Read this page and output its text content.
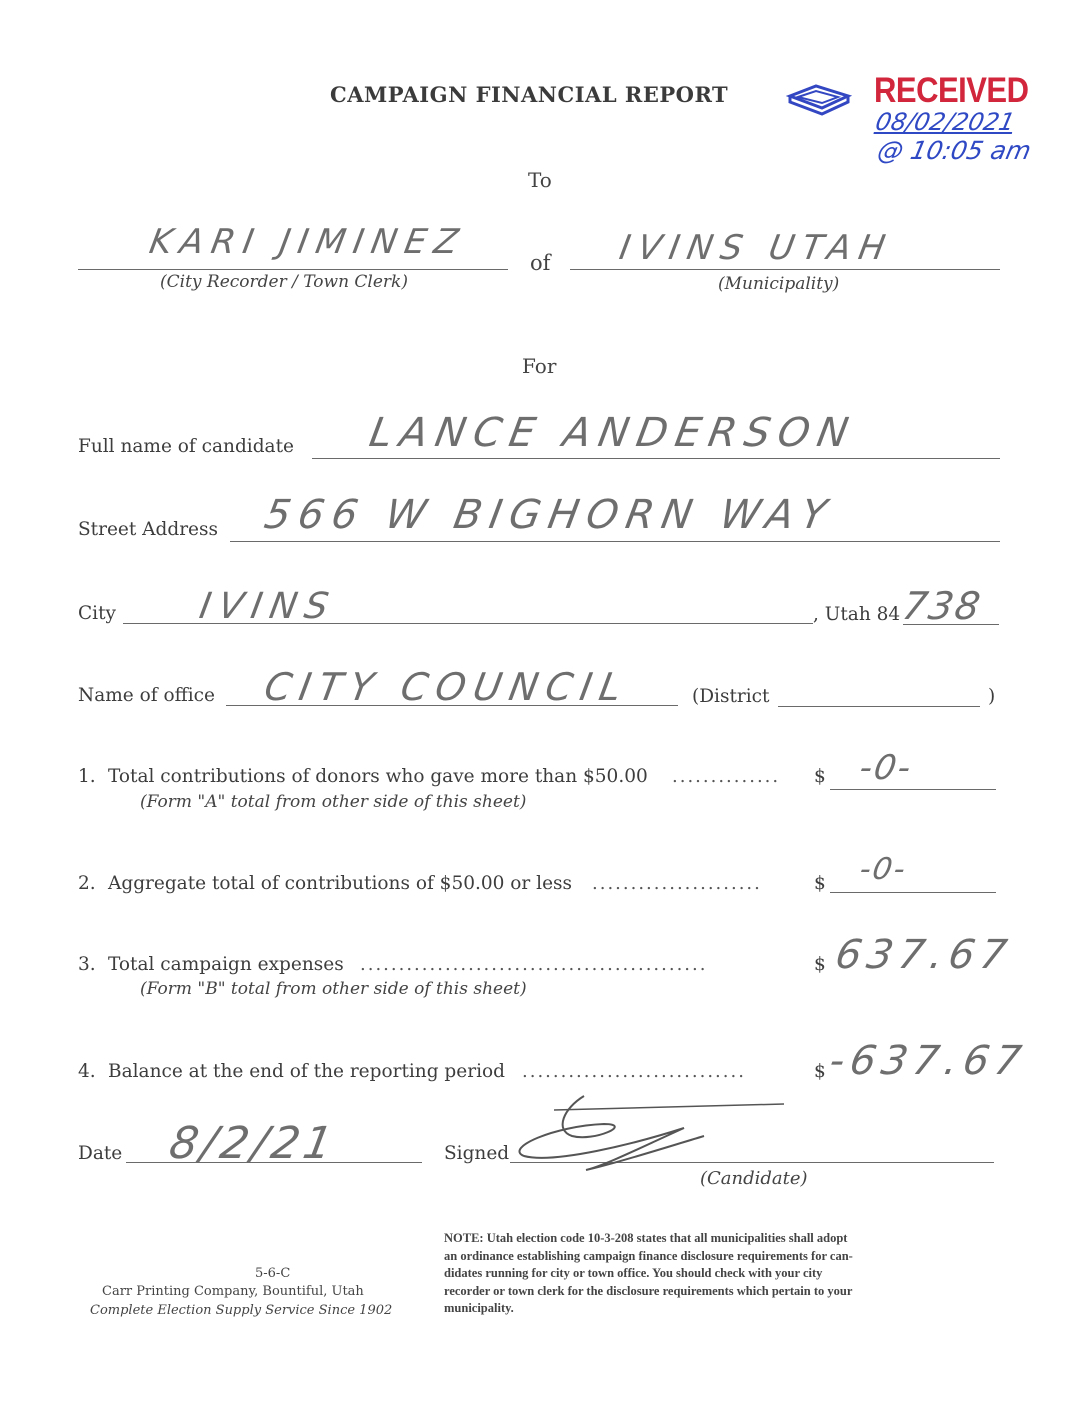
CAMPAIGN FINANCIAL REPORT	RECEIVED
08/02/2021
@ 10:05 am
To
KARI JIMINEZ
(City Recorder / Town Clerk)
of IVINS UTAH
(Municipality)
For
Full name of candidate LANCE ANDERSON
Street Address 566 W BIGHORN WAY
City IVINS	, Utah 84
738
Name of office CITY COUNCIL	(District	)
1. Total contributions of donors who gave more than $50.00
(Form "A" total from other side of this sheet)
..............	$ -0-
2. Aggregate total of contributions of $50.00 or less ......................	$ -0-
3. Total campaign expenses
(Form "B" total from other side of this sheet)
.............................................	$ 637.67
4. Balance at the end of the reporting period .............................	$ -637.67
Date 8/2/21	Signed
(Candidate)
5-6-C
Carr Printing Company, Bountiful, Utah
Complete Election Supply Service Since 1902
NOTE: Utah election code 10-3-208 states that all municipalities shall adopt
an ordinance establishing campaign finance disclosure requirements for can-
didates running for city or town office. You should check with your city
recorder or town clerk for the disclosure requirements which pertain to your
municipality.
